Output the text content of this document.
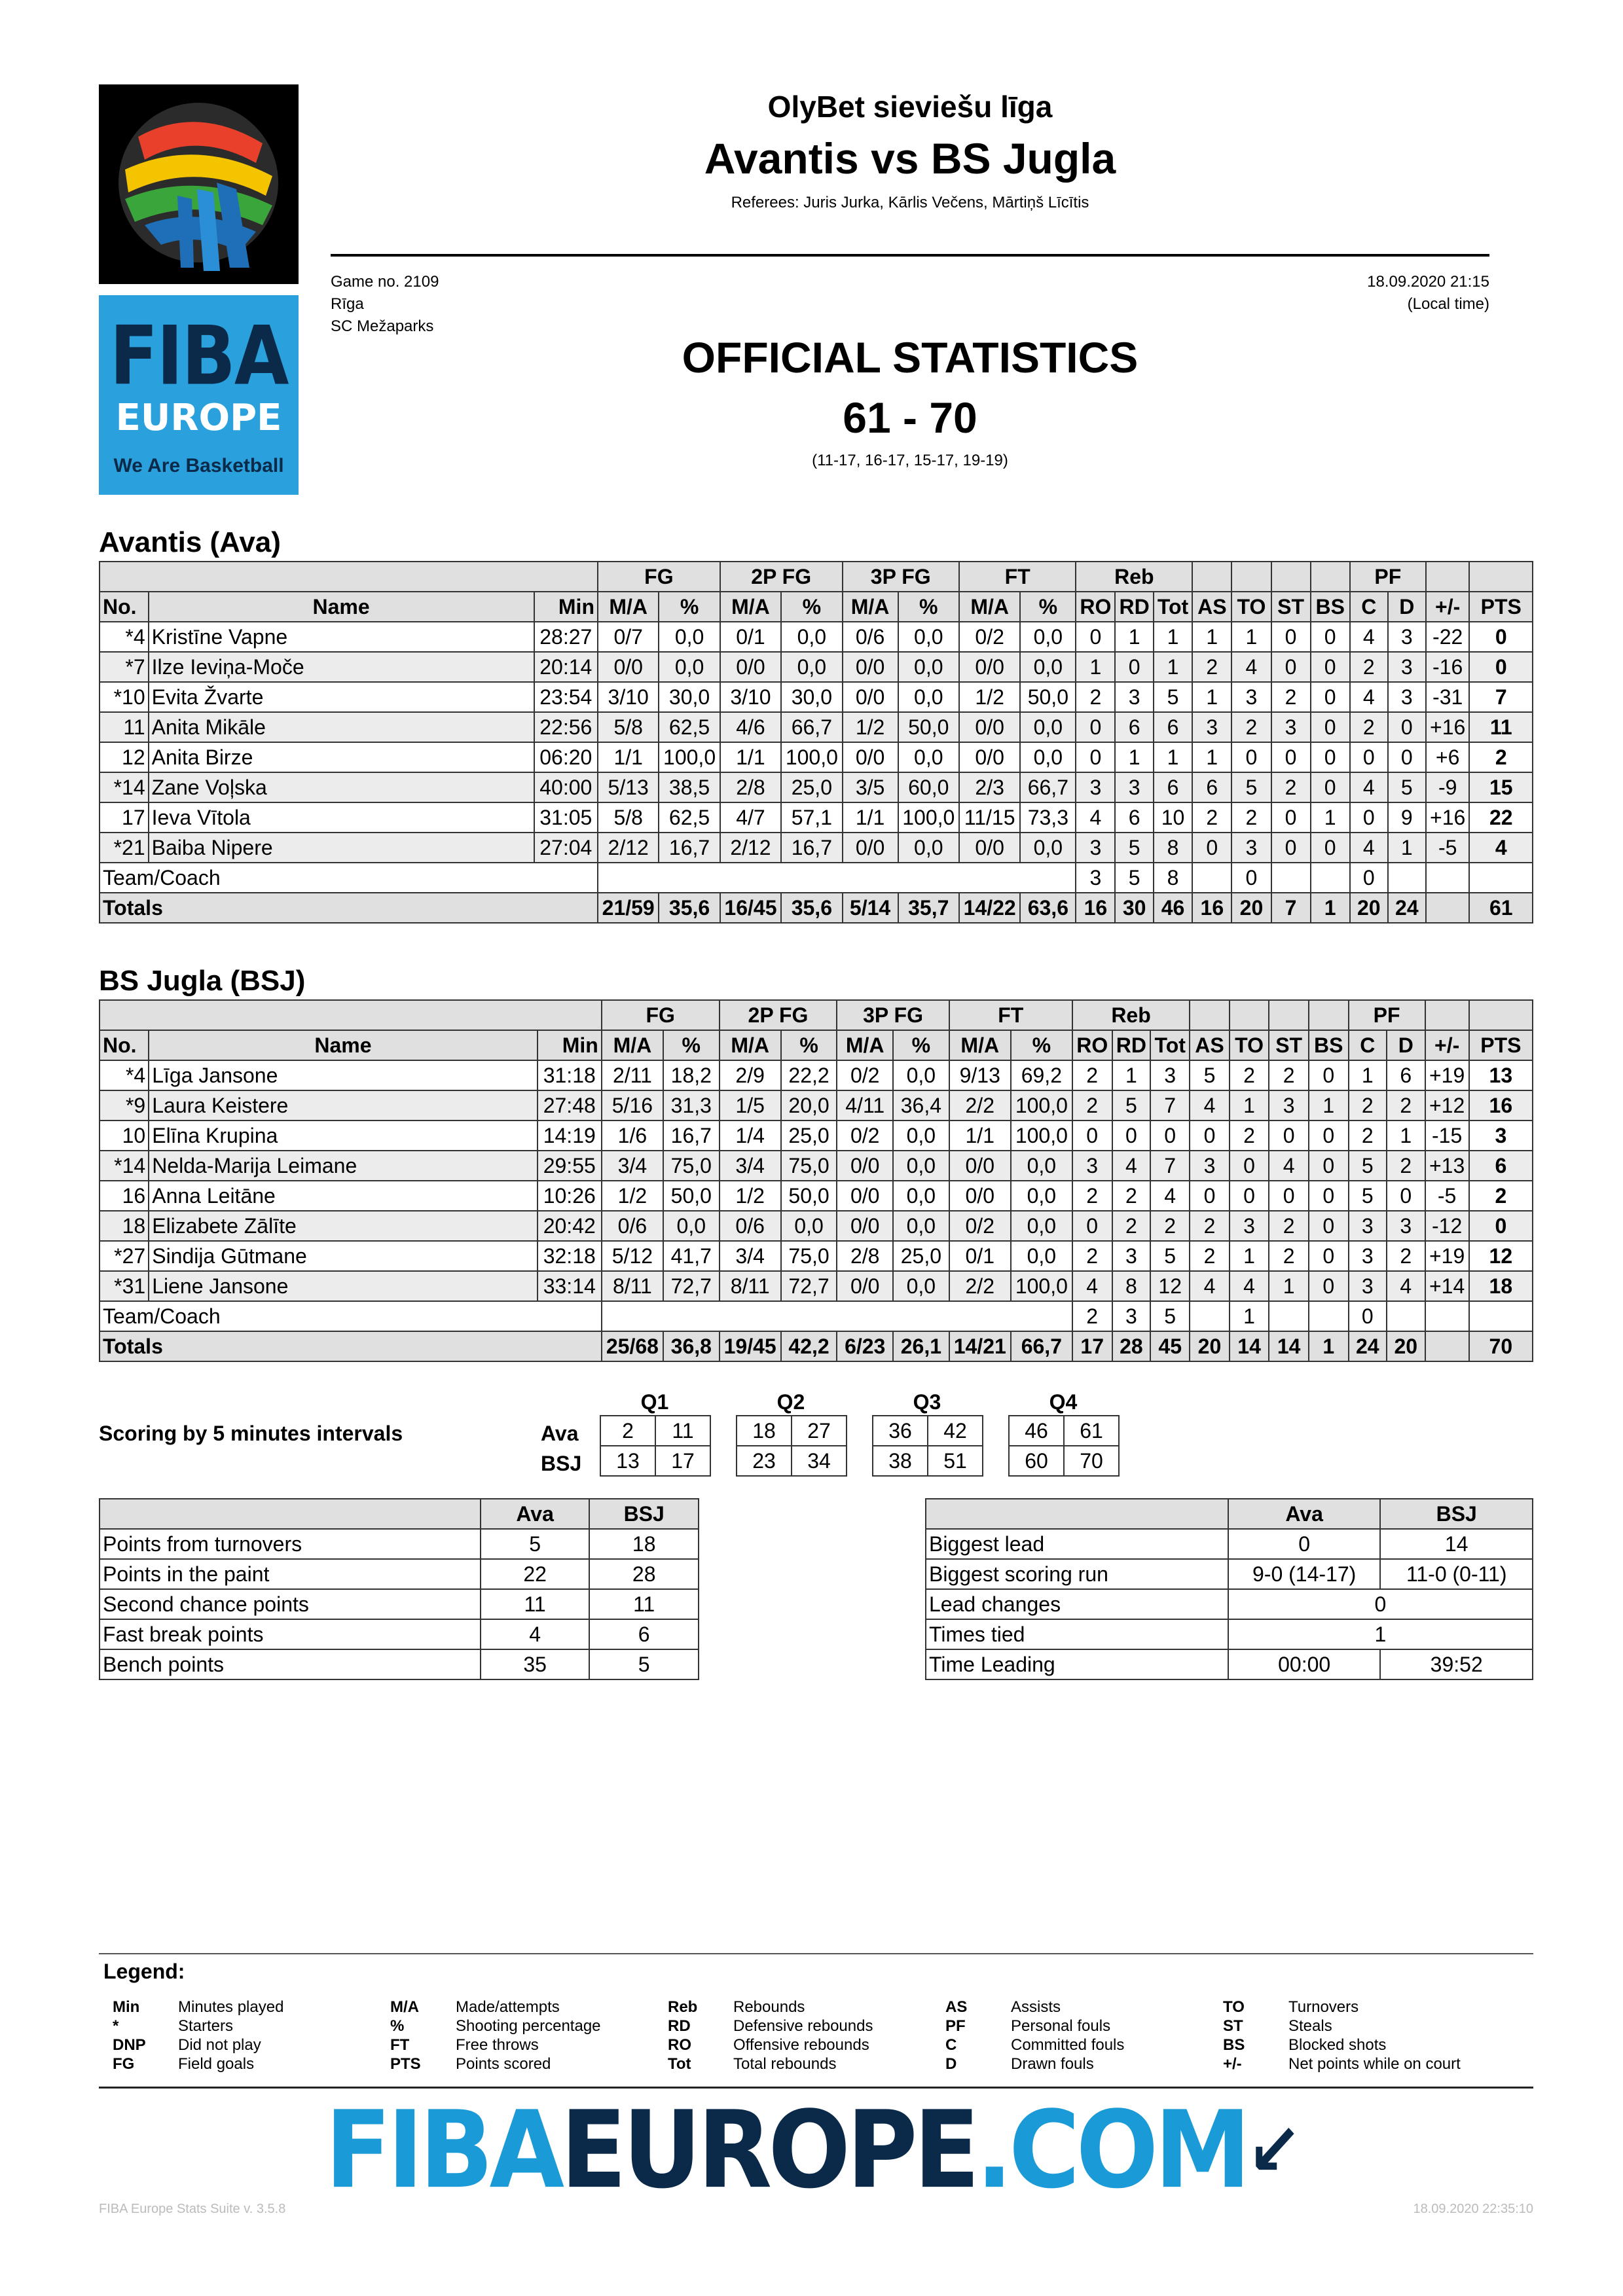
FIBA
EUROPE
We Are Basketball
OlyBet sieviešu līga
Avantis vs BS Jugla
Referees: Juris Jurka, Kārlis Večens, Mārtiņš Līcītis
Game no. 2109
Rīga
SC Mežaparks
18.09.2020 21:15
(Local time)
OFFICIAL STATISTICS
61 - 70
(11-17, 16-17, 15-17, 19-19)
Avantis (Ava)
			FG		2P FG		3P FG		FT		Reb							PF			
No.	Name	Min	M/A	%	M/A	%	M/A	%	M/A	%	RO	RD	Tot	AS	TO	ST	BS	C	D	+/-	PTS
*4	Kristīne Vapne	28:27	0/7	0,0	0/1	0,0	0/6	0,0	0/2	0,0	0	1	1	1	1	0	0	4	3	-22	0
*7	Ilze Ieviņa-Moče	20:14	0/0	0,0	0/0	0,0	0/0	0,0	0/0	0,0	1	0	1	2	4	0	0	2	3	-16	0
*10	Evita Žvarte	23:54	3/10	30,0	3/10	30,0	0/0	0,0	1/2	50,0	2	3	5	1	3	2	0	4	3	-31	7
11	Anita Mikāle	22:56	5/8	62,5	4/6	66,7	1/2	50,0	0/0	0,0	0	6	6	3	2	3	0	2	0	+16	11
12	Anita Birze	06:20	1/1	100,0	1/1	100,0	0/0	0,0	0/0	0,0	0	1	1	1	0	0	0	0	0	+6	2
*14	Zane Voļska	40:00	5/13	38,5	2/8	25,0	3/5	60,0	2/3	66,7	3	3	6	6	5	2	0	4	5	-9	15
17	Ieva Vītola	31:05	5/8	62,5	4/7	57,1	1/1	100,0	11/15	73,3	4	6	10	2	2	0	1	0	9	+16	22
*21	Baiba Nipere	27:04	2/12	16,7	2/12	16,7	0/0	0,0	0/0	0,0	3	5	8	0	3	0	0	4	1	-5	4
Team/Coach											3	5	8		0			0			
Totals			21/59	35,6	16/45	35,6	5/14	35,7	14/22	63,6	16	30	46	16	20	7	1	20	24		61
BS Jugla (BSJ)
			FG		2P FG		3P FG		FT		Reb							PF			
No.	Name	Min	M/A	%	M/A	%	M/A	%	M/A	%	RO	RD	Tot	AS	TO	ST	BS	C	D	+/-	PTS
*4	Līga Jansone	31:18	2/11	18,2	2/9	22,2	0/2	0,0	9/13	69,2	2	1	3	5	2	2	0	1	6	+19	13
*9	Laura Keistere	27:48	5/16	31,3	1/5	20,0	4/11	36,4	2/2	100,0	2	5	7	4	1	3	1	2	2	+12	16
10	Elīna Krupina	14:19	1/6	16,7	1/4	25,0	0/2	0,0	1/1	100,0	0	0	0	0	2	0	0	2	1	-15	3
*14	Nelda-Marija Leimane	29:55	3/4	75,0	3/4	75,0	0/0	0,0	0/0	0,0	3	4	7	3	0	4	0	5	2	+13	6
16	Anna Leitāne	10:26	1/2	50,0	1/2	50,0	0/0	0,0	0/0	0,0	2	2	4	0	0	0	0	5	0	-5	2
18	Elizabete Zālīte	20:42	0/6	0,0	0/6	0,0	0/0	0,0	0/2	0,0	0	2	2	2	3	2	0	3	3	-12	0
*27	Sindija Gūtmane	32:18	5/12	41,7	3/4	75,0	2/8	25,0	0/1	0,0	2	3	5	2	1	2	0	3	2	+19	12
*31	Liene Jansone	33:14	8/11	72,7	8/11	72,7	0/0	0,0	2/2	100,0	4	8	12	4	4	1	0	3	4	+14	18
Team/Coach											2	3	5		1			0			
Totals			25/68	36,8	19/45	42,2	6/23	26,1	14/21	66,7	17	28	45	20	14	14	1	24	20		70
Scoring by 5 minutes intervals	Ava
BSJ
Q1
2	11
13	17
Q2
18	27
23	34
Q3
36	42
38	51
Q4
46	61
60	70
	Ava	BSJ
Points from turnovers	5	18
Points in the paint	22	28
Second chance points	11	11
Fast break points	4	6
Bench points	35	5
	Ava	BSJ
Biggest lead	0	14
Biggest scoring run	9-0 (14-17)	11-0 (0-11)
Lead changes	0	
Times tied	1	
Time Leading	00:00	39:52
Legend:
Min Minutes played
*	Starters
DNP Did not play
FG	Field goals
M/A Made/attempts
%	Shooting percentage
FT	Free throws
PTS Points scored
Reb Rebounds
RD	Defensive rebounds
RO	Offensive rebounds
Tot	Total rebounds
AS	Assists
PF	Personal fouls
C	Committed fouls
D	Drawn fouls
TO	Turnovers
ST	Steals
BS	Blocked shots
+/-	Net points while on court
FIBAEUROPE.COM↙
FIBA Europe Stats Suite v. 3.5.8	18.09.2020 22:35:10
